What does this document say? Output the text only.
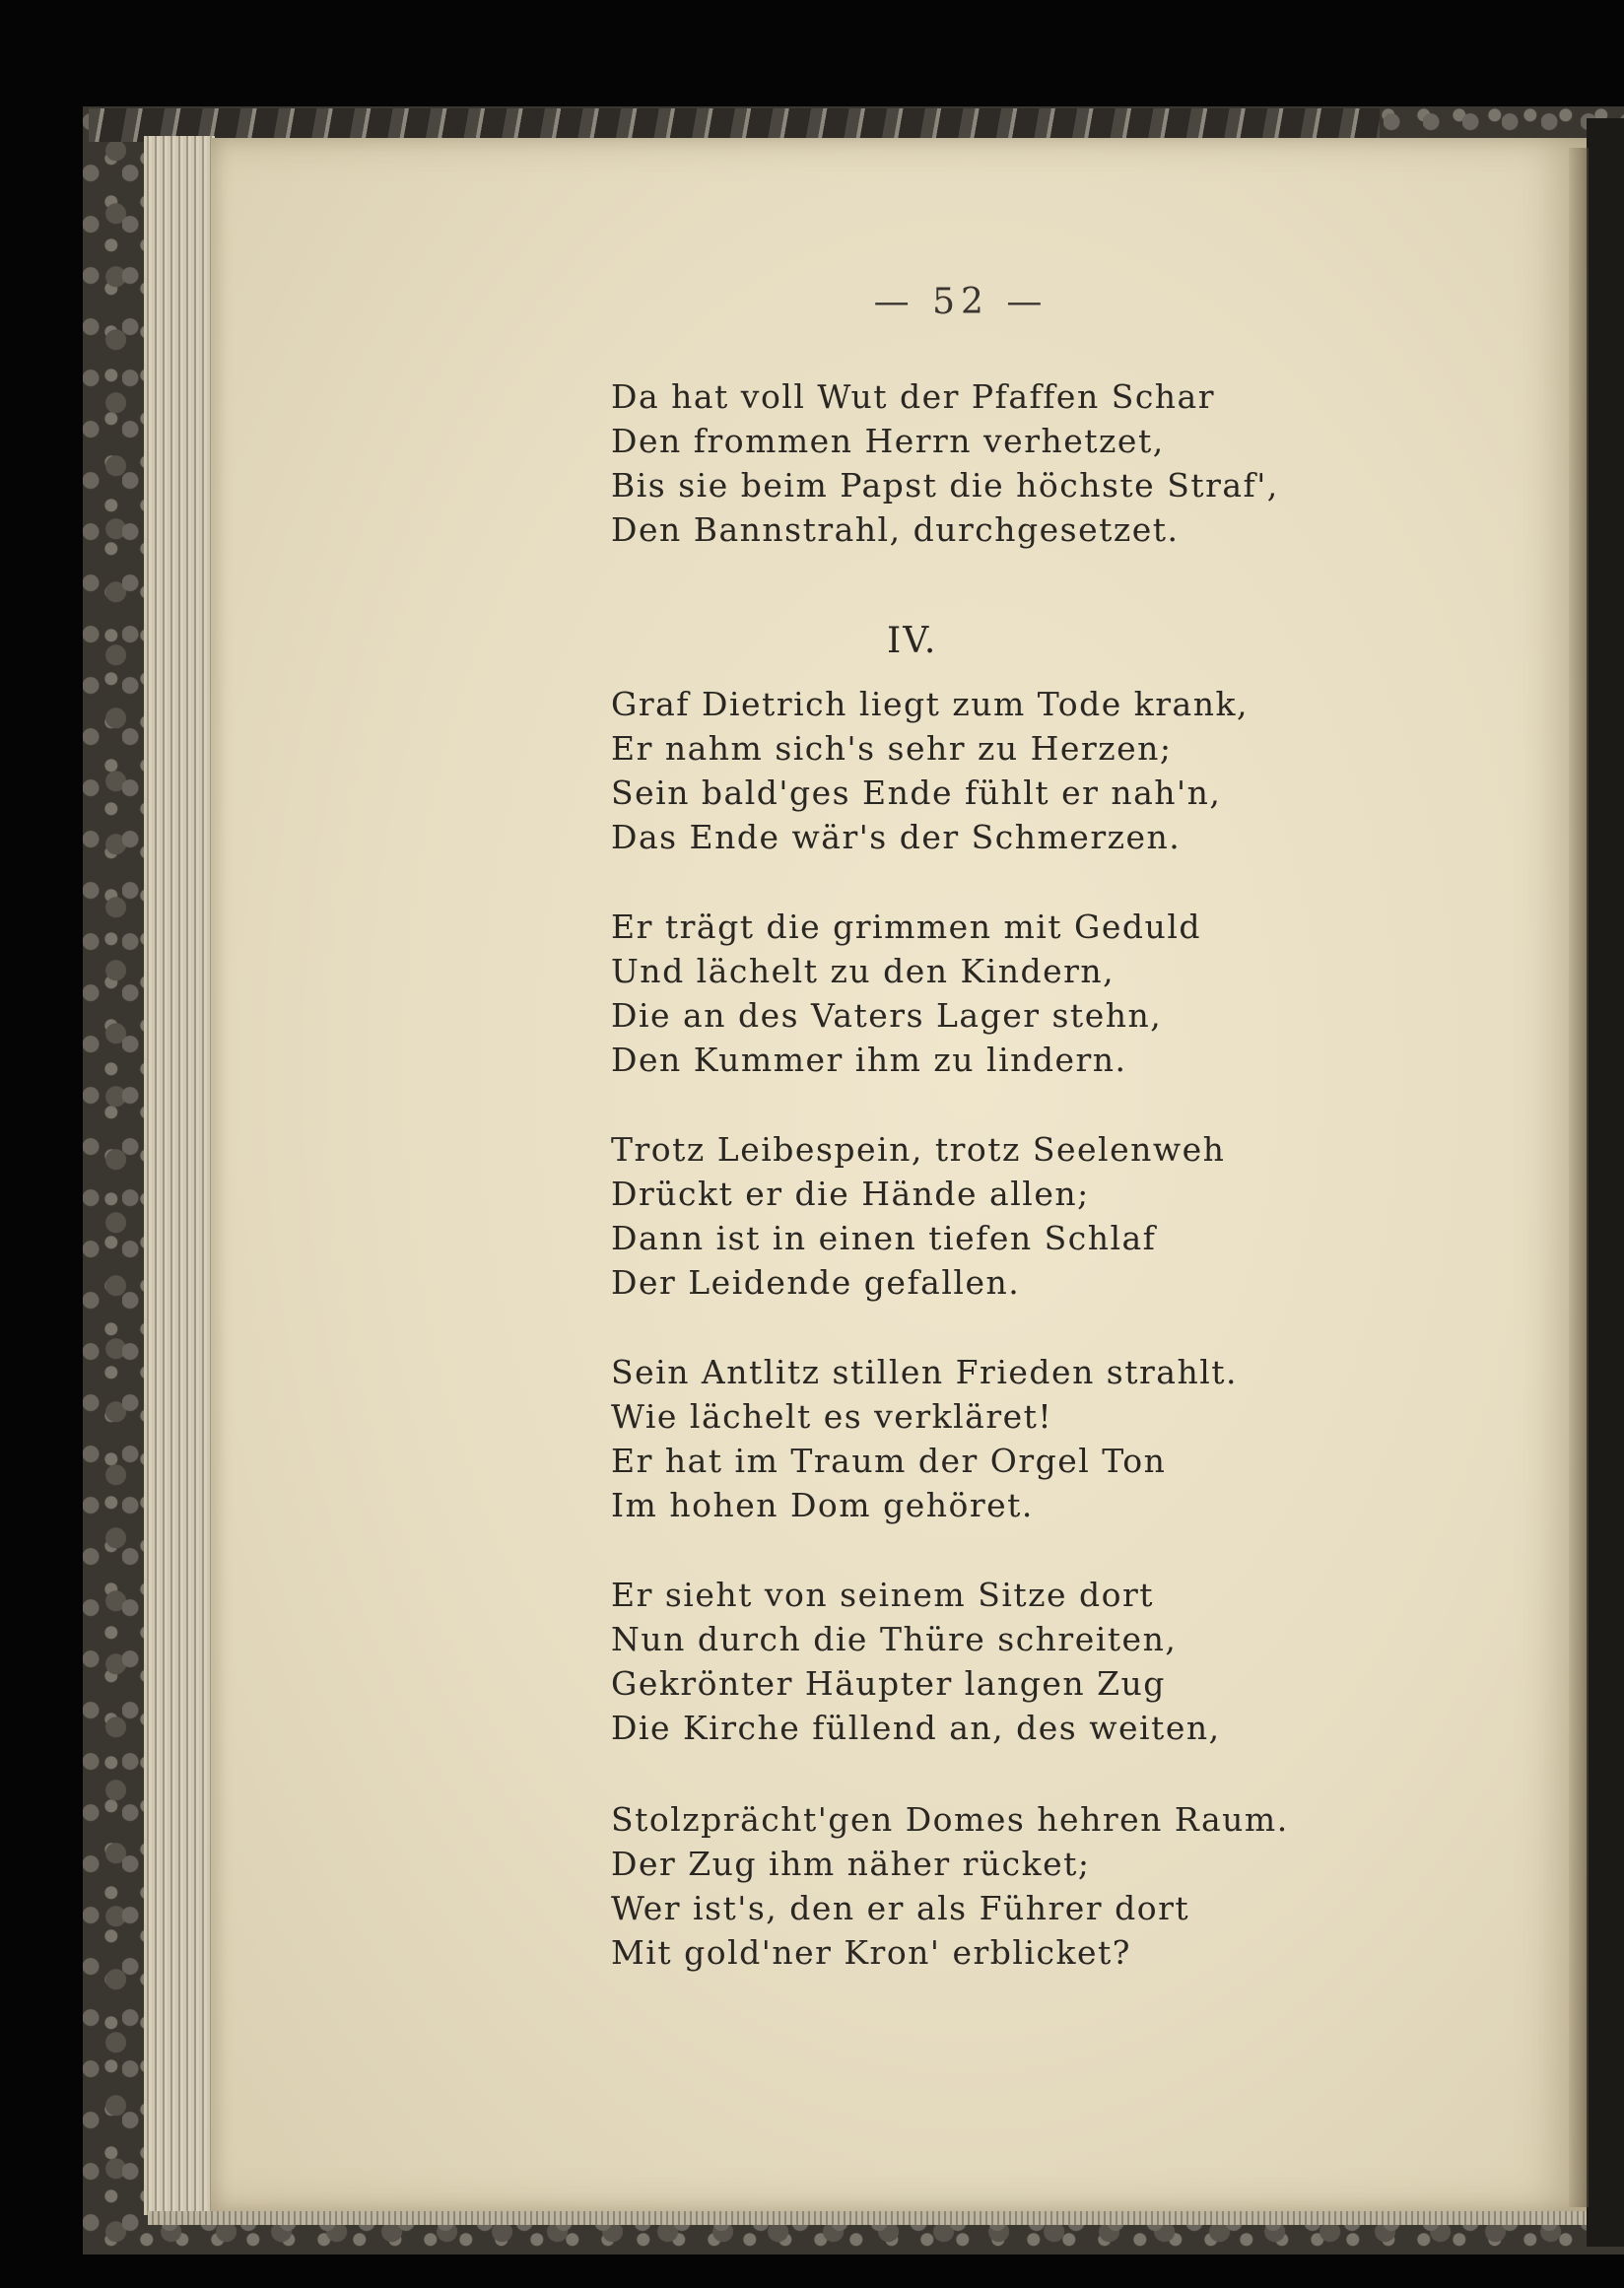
— 52 —
Da hat voll Wut der Pfaffen Schar
Den frommen Herrn verhetzet,
Bis sie beim Papst die höchste Straf',
Den Bannstrahl, durchgesetzet.
IV.
Graf Dietrich liegt zum Tode krank,
Er nahm sich's sehr zu Herzen;
Sein bald'ges Ende fühlt er nah'n,
Das Ende wär's der Schmerzen.
Er trägt die grimmen mit Geduld
Und lächelt zu den Kindern,
Die an des Vaters Lager stehn,
Den Kummer ihm zu lindern.
Trotz Leibespein, trotz Seelenweh
Drückt er die Hände allen;
Dann ist in einen tiefen Schlaf
Der Leidende gefallen.
Sein Antlitz stillen Frieden strahlt.
Wie lächelt es verkläret!
Er hat im Traum der Orgel Ton
Im hohen Dom gehöret.
Er sieht von seinem Sitze dort
Nun durch die Thüre schreiten,
Gekrönter Häupter langen Zug
Die Kirche füllend an, des weiten,
Stolzprächt'gen Domes hehren Raum.
Der Zug ihm näher rücket;
Wer ist's, den er als Führer dort
Mit gold'ner Kron' erblicket?
